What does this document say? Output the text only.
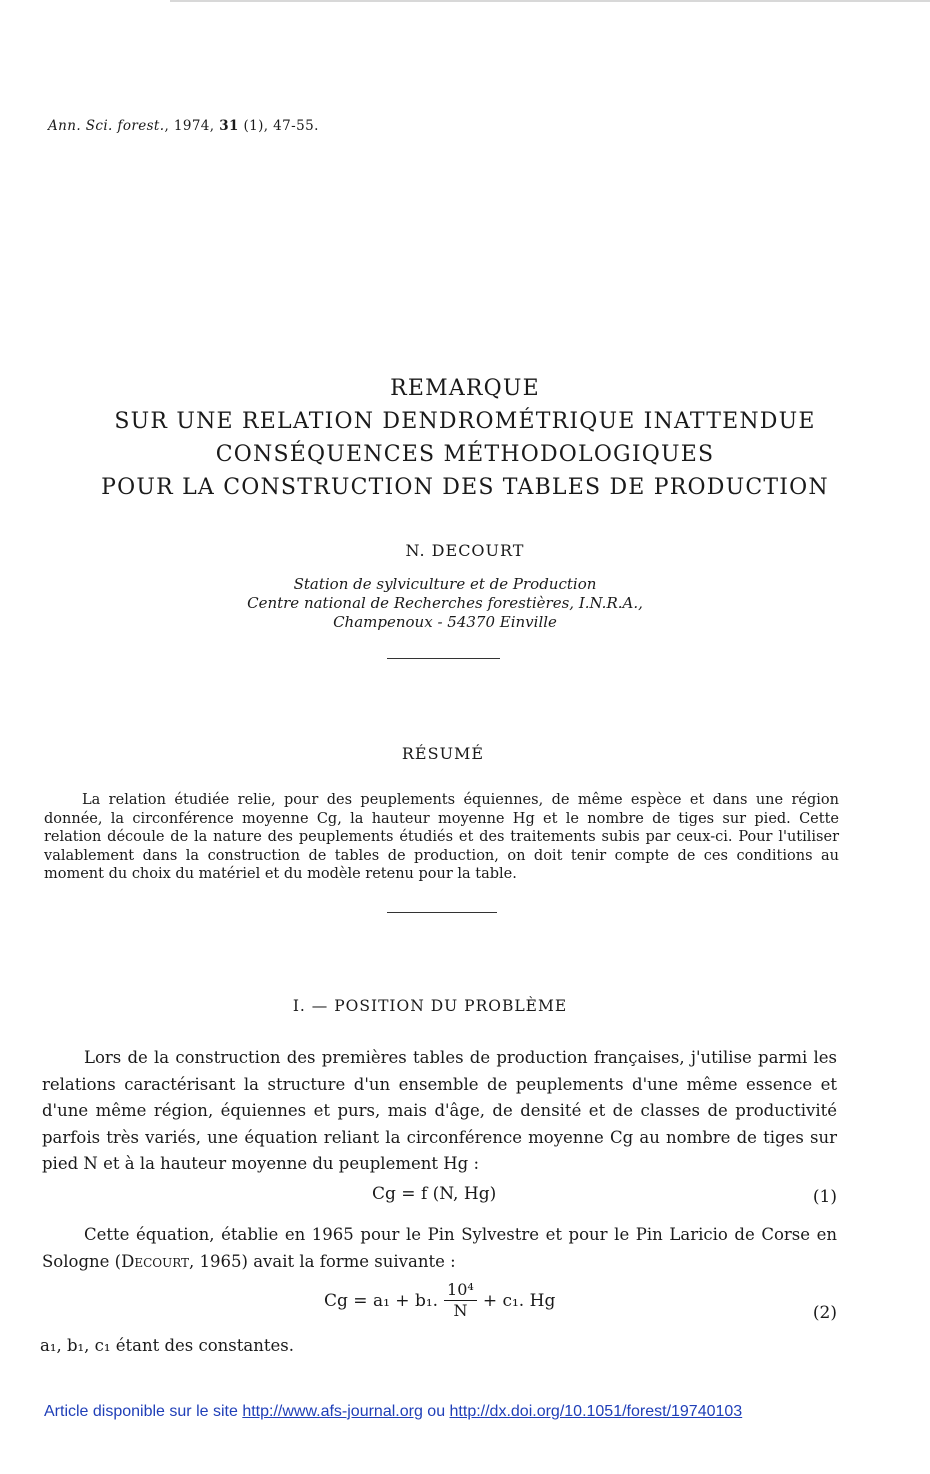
Ann. Sci. forest., 1974, 31 (1), 47-55.
REMARQUE
SUR UNE RELATION DENDROMÉTRIQUE INATTENDUE
CONSÉQUENCES MÉTHODOLOGIQUES
POUR LA CONSTRUCTION DES TABLES DE PRODUCTION
N. DECOURT
Station de sylviculture et de Production
Centre national de Recherches forestières, I.N.R.A.,
Champenoux - 54370 Einville
RÉSUMÉ
La relation étudiée relie, pour des peuplements équiennes, de même espèce et dans une région donnée, la circonférence moyenne Cg, la hauteur moyenne Hg et le nombre de tiges sur pied. Cette relation découle de la nature des peuplements étudiés et des traitements subis par ceux-ci. Pour l'utiliser valablement dans la construction de tables de production, on doit tenir compte de ces conditions au moment du choix du matériel et du modèle retenu pour la table.
I. — POSITION DU PROBLÈME
Lors de la construction des premières tables de production françaises, j'utilise parmi les relations caractérisant la structure d'un ensemble de peuplements d'une même essence et d'une même région, équiennes et purs, mais d'âge, de densité et de classes de productivité parfois très variés, une équation reliant la circonférence moyenne Cg au nombre de tiges sur pied N et à la hauteur moyenne du peuplement Hg :
Cg = f (N, Hg)	(1)
Cette équation, établie en 1965 pour le Pin Sylvestre et pour le Pin Laricio de Corse en Sologne (Decourt, 1965) avait la forme suivante :
Cg = a₁ + b₁. $\frac{\text{10⁴}}{N} + c_1$. Hg
(2)
a₁, b₁, c₁ étant des constantes.
Article disponible sur le site http://www.afs-journal.org ou http://dx.doi.org/10.1051/forest/19740103
